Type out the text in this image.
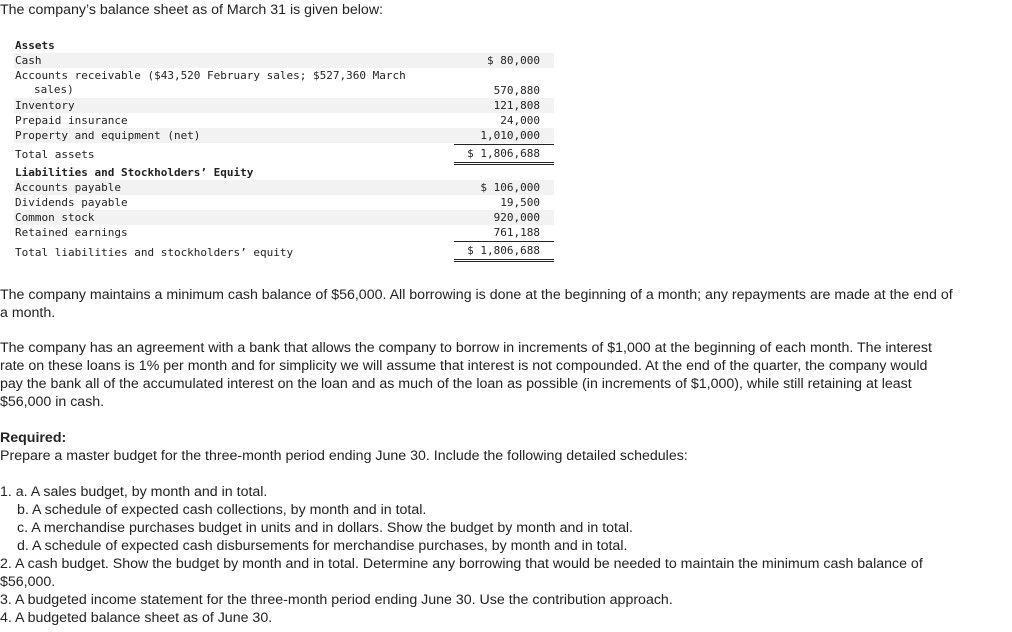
The company’s balance sheet as of March 31 is given below:

Assets
Cash	$ 80,000
Accounts receivable ($43,520 February sales; $527,360 March
sales)	570,880
Inventory	121,808
Prepaid insurance	24,000
Property and equipment (net)	1,010,000
Total assets	$ 1,806,688
Liabilities and Stockholders’ Equity
Accounts payable	$ 106,000
Dividends payable	19,500
Common stock	920,000
Retained earnings	761,188
Total liabilities and stockholders’ equity	$ 1,806,688

The company maintains a minimum cash balance of $56,000. All borrowing is done at the beginning of a month; any repayments are made at the end of a month.

The company has an agreement with a bank that allows the company to borrow in increments of $1,000 at the beginning of each month. The interest rate on these loans is 1% per month and for simplicity we will assume that interest is not compounded. At the end of the quarter, the company would pay the bank all of the accumulated interest on the loan and as much of the loan as possible (in increments of $1,000), while still retaining at least $56,000 in cash.

Required:

Prepare a master budget for the three-month period ending June 30. Include the following detailed schedules:

1. a. A sales budget, by month and in total.

b. A schedule of expected cash collections, by month and in total.

c. A merchandise purchases budget in units and in dollars. Show the budget by month and in total.

d. A schedule of expected cash disbursements for merchandise purchases, by month and in total.

2. A cash budget. Show the budget by month and in total. Determine any borrowing that would be needed to maintain the minimum cash balance of $56,000.

3. A budgeted income statement for the three-month period ending June 30. Use the contribution approach.

4. A budgeted balance sheet as of June 30.
